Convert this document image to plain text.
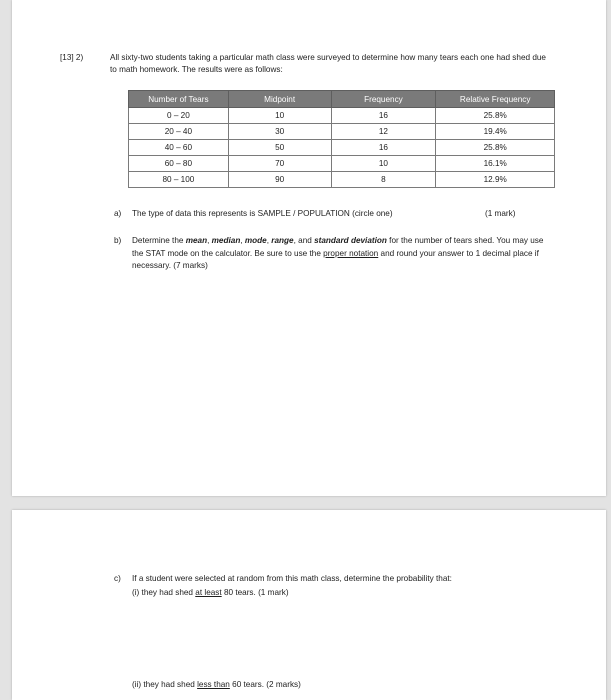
[13] 2)	All sixty-two students taking a particular math class were surveyed to determine how many tears each one had shed due to math homework. The results were as follows:
Number of Tears	Midpoint	Frequency	Relative Frequency
0 – 20	10	16	25.8%
20 – 40	30	12	19.4%
40 – 60	50	16	25.8%
60 – 80	70	10	16.1%
80 – 100	90	8	12.9%
a) The type of data this represents is SAMPLE / POPULATION (circle one)	(1 mark)
b) Determine the mean, median, mode, range, and standard deviation for the number of tears shed. You may use the STAT mode on the calculator. Be sure to use the proper notation and round your answer to 1 decimal place if necessary. (7 marks)
c) If a student were selected at random from this math class, determine the probability that:
(i) they had shed at least 80 tears. (1 mark)
(ii) they had shed less than 60 tears. (2 marks)
